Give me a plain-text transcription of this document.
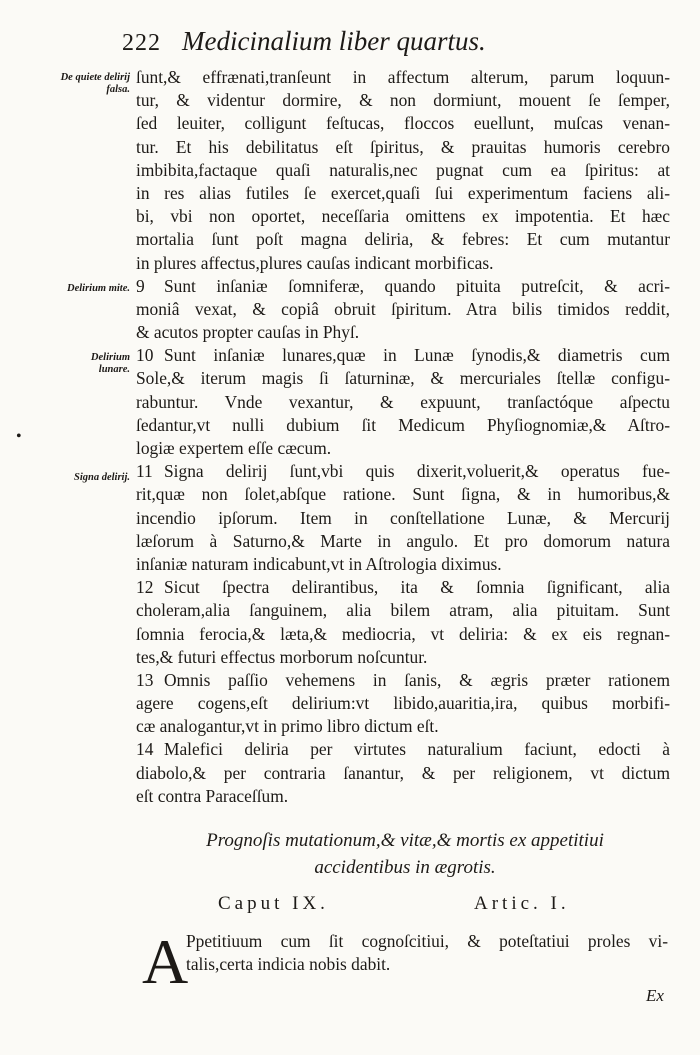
222 Medicinalium liber quartus.
De quiete delirij falsa.
Delirium mite.
Delirium lunare.
Signa delirij.
•
ſunt,& effrænati,tranſeunt in affectum alterum, parum loquun-
tur, & videntur dormire, & non dormiunt, mouent ſe ſemper,
ſed leuiter, colligunt feſtucas, floccos euellunt, muſcas venan-
tur. Et his debilitatus eſt ſpiritus, & prauitas humoris cerebro
imbibita,factaque quaſi naturalis,nec pugnat cum ea ſpiritus: at
in res alias futiles ſe exercet,quaſi ſui experimentum faciens ali-
bi, vbi non oportet, neceſſaria omittens ex impotentia. Et hæc
mortalia ſunt poſt magna deliria, & febres: Et cum mutantur
in plures affectus,plures cauſas indicant morbificas.
9 Sunt inſaniæ ſomniferæ, quando pituita putreſcit, & acri-
moniâ vexat, & copiâ obruit ſpiritum. Atra bilis timidos reddit,
& acutos propter cauſas in Phyſ.
10 Sunt inſaniæ lunares,quæ in Lunæ ſynodis,& diametris cum
Sole,& iterum magis ſi ſaturninæ, & mercuriales ſtellæ configu-
rabuntur. Vnde vexantur, & expuunt, tranſactóque aſpectu
ſedantur,vt nulli dubium ſit Medicum Phyſiognomiæ,& Aſtro-
logiæ expertem eſſe cæcum.
11 Signa delirij ſunt,vbi quis dixerit,voluerit,& operatus fue-
rit,quæ non ſolet,abſque ratione. Sunt ſigna, & in humoribus,&
incendio ipſorum. Item in conſtellatione Lunæ, & Mercurij
læſorum à Saturno,& Marte in angulo. Et pro domorum natura
inſaniæ naturam indicabunt,vt in Aſtrologia diximus.
12 Sicut ſpectra delirantibus, ita & ſomnia ſignificant, alia
choleram,alia ſanguinem, alia bilem atram, alia pituitam. Sunt
ſomnia ferocia,& læta,& mediocria, vt deliria: & ex eis regnan-
tes,& futuri effectus morborum noſcuntur.
13 Omnis paſſio vehemens in ſanis, & ægris præter rationem
agere cogens,eſt delirium:vt libido,auaritia,ira, quibus morbifi-
cæ analogantur,vt in primo libro dictum eſt.
14 Malefici deliria per virtutes naturalium faciunt, edocti à
diabolo,& per contraria ſanantur, & per religionem, vt dictum
eſt contra Paraceſſum.
Prognoſis mutationum,& vitæ,& mortis ex appetitiui
accidentibus in ægrotis.
Caput IX.	Artic. I.
A
Ppetitiuum cum ſit cognoſcitiui, & poteſtatiui proles vi-
talis,certa indicia nobis dabit.
Ex
